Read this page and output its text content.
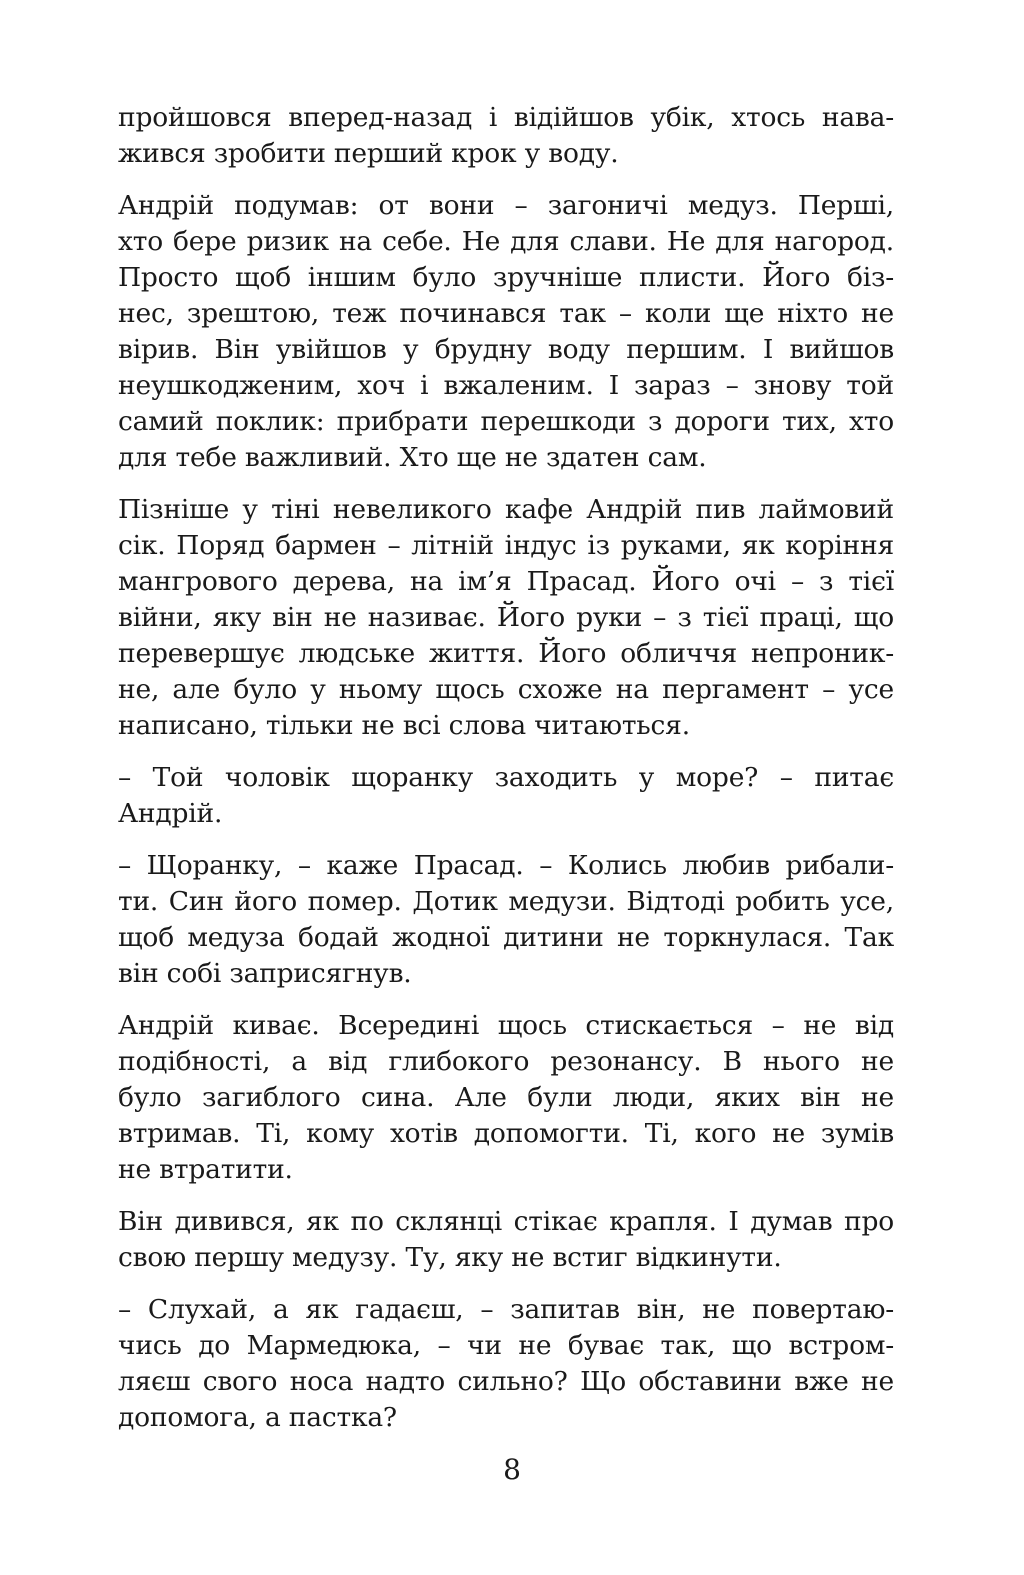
пройшовся вперед-назад і відійшов убік, хтось нава-
жився зробити перший крок у воду.
Андрій подумав: от вони – загоничі медуз. Перші,
хто бере ризик на себе. Не для слави. Не для нагород.
Просто щоб іншим було зручніше плисти. Його біз-
нес, зрештою, теж починався так – коли ще ніхто не
вірив. Він увійшов у брудну воду першим. І вийшов
неушкодженим, хоч і вжаленим. І зараз – знову той
самий поклик: прибрати перешкоди з дороги тих, хто
для тебе важливий. Хто ще не здатен сам.
Пізніше у тіні невеликого кафе Андрій пив лаймовий
сік. Поряд бармен – літній індус із руками, як коріння
мангрового дерева, на ім’я Прасад. Його очі – з тієї
війни, яку він не називає. Його руки – з тієї праці, що
перевершує людське життя. Його обличчя непроник-
не, але було у ньому щось схоже на пергамент – усе
написано, тільки не всі слова читаються.
– Той чоловік щоранку заходить у море? – питає
Андрій.
– Щоранку, – каже Прасад. – Колись любив рибали-
ти. Син його помер. Дотик медузи. Відтоді робить усе,
щоб медуза бодай жодної дитини не торкнулася. Так
він собі заприсягнув.
Андрій киває. Всередині щось стискається – не від
подібності, а від глибокого резонансу. В нього не
було загиблого сина. Але були люди, яких він не
втримав. Ті, кому хотів допомогти. Ті, кого не зумів
не втратити.
Він дивився, як по склянці стікає крапля. І думав про
свою першу медузу. Ту, яку не встиг відкинути.
– Слухай, а як гадаєш, – запитав він, не повертаю-
чись до Мармедюка, – чи не буває так, що встром-
ляєш свого носа надто сильно? Що обставини вже не
допомога, а пастка?
8
